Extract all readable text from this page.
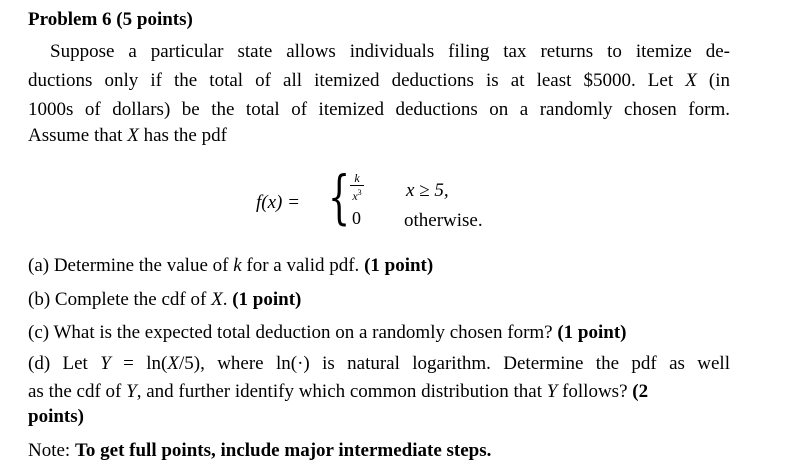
Problem 6 (5 points)
Suppose a particular state allows individuals filing tax returns to itemize de-
ductions only if the total of all itemized deductions is at least $5000. Let X (in
1000s of dollars) be the total of itemized deductions on a randomly chosen form.
Assume that X has the pdf
f(x) = { k
$x^3$
0
x ≥ 5,
otherwise.
(a) Determine the value of k for a valid pdf. (1 point)
(b) Complete the cdf of X. (1 point)
(c) What is the expected total deduction on a randomly chosen form? (1 point)
(d) Let Y = ln(X/5), where ln(·) is natural logarithm. Determine the pdf as well
as the cdf of Y, and further identify which common distribution that Y follows? (2
points)
Note: To get full points, include major intermediate steps.
